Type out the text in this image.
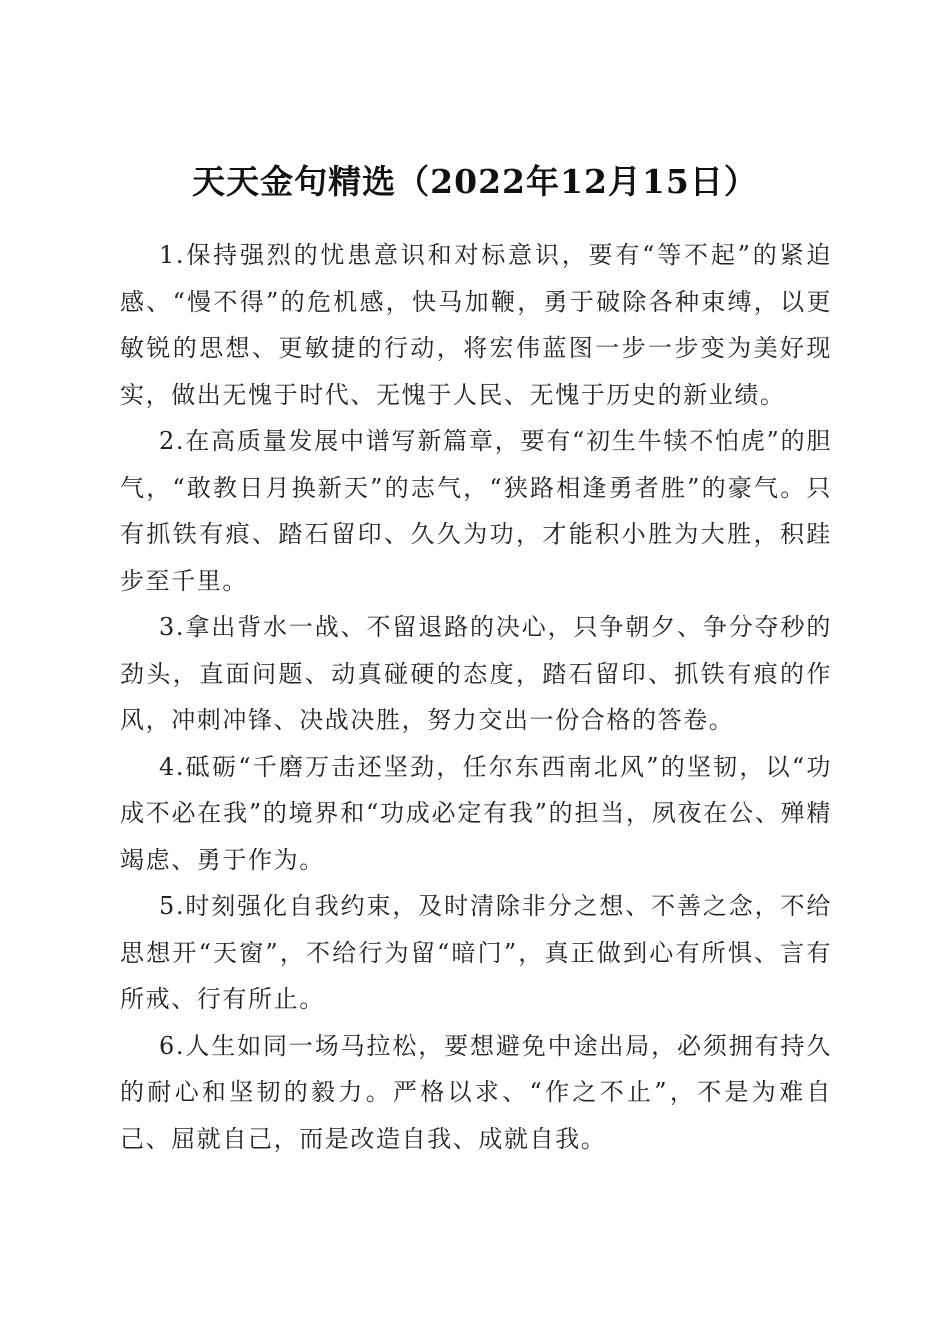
天天金句精选（2022年12月15日）

1.保持强烈的忧患意识和对标意识，要有“等不起”的紧迫感、“慢不得”的危机感，快马加鞭，勇于破除各种束缚，以更敏锐的思想、更敏捷的行动，将宏伟蓝图一步一步变为美好现实，做出无愧于时代、无愧于人民、无愧于历史的新业绩。

2.在高质量发展中谱写新篇章，要有“初生牛犊不怕虎”的胆气，“敢教日月换新天”的志气，“狭路相逢勇者胜”的豪气。只有抓铁有痕、踏石留印、久久为功，才能积小胜为大胜，积跬步至千里。

3.拿出背水一战、不留退路的决心，只争朝夕、争分夺秒的劲头，直面问题、动真碰硬的态度，踏石留印、抓铁有痕的作风，冲刺冲锋、决战决胜，努力交出一份合格的答卷。

4.砥砺“千磨万击还坚劲，任尔东西南北风”的坚韧，以“功成不必在我”的境界和“功成必定有我”的担当，夙夜在公、殚精竭虑、勇于作为。

5.时刻强化自我约束，及时清除非分之想、不善之念，不给思想开“天窗”，不给行为留“暗门”，真正做到心有所惧、言有所戒、行有所止。

6.人生如同一场马拉松，要想避免中途出局，必须拥有持久的耐心和坚韧的毅力。严格以求、“作之不止”，不是为难自己、屈就自己，而是改造自我、成就自我。
